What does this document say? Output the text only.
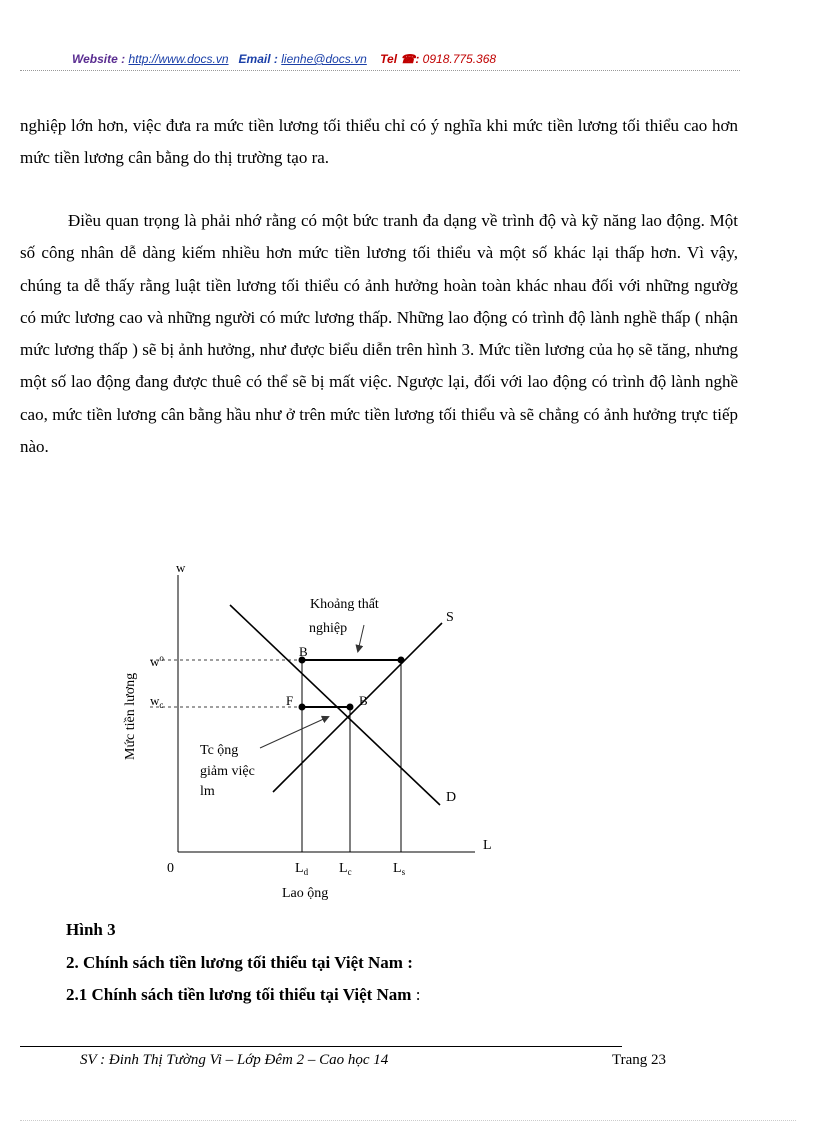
Website : http://www.docs.vn Email : lienhe@docs.vn Tel ☎: 0918.775.368
nghiệp lớn hơn, việc đưa ra mức tiền lương tối thiểu chỉ có ý nghĩa khi mức tiền lương tối thiểu cao hơn mức tiền lương cân bằng do thị trường tạo ra.
Điều quan trọng là phải nhớ rằng có một bức tranh đa dạng về trình độ và kỹ năng lao động. Một số công nhân dễ dàng kiếm nhiều hơn mức tiền lương tối thiểu và một số khác lại thấp hơn. Vì vậy, chúng ta dễ thấy rằng luật tiền lương tối thiểu có ảnh hưởng hoàn toàn khác nhau đối với những ngườg có mức lương cao và những người có mức lương thấp. Những lao động có trình độ lành nghề thấp ( nhận mức lương thấp ) sẽ bị ảnh hưởng, như được biểu diễn trên hình 3. Mức tiền lương của họ sẽ tăng, nhưng một số lao động đang được thuê có thể sẽ bị mất việc. Ngược lại, đối với lao động có trình độ lành nghề cao, mức tiền lương cân bằng hầu như ở trên mức tiền lương tối thiểu và sẽ chẳng có ảnh hưởng trực tiếp nào.
w
L
0
Mức tiền lương
Lao ộng
$w^o$
$w_c$
$L_d$ $L_c$	$L_s$
S
D
B
F	B
Khoảng thất
nghiệp
Tc ộng
giảm việc
lm
Hình 3
2. Chính sách tiền lương tối thiểu tại Việt Nam :
2.1 Chính sách tiền lương tối thiểu tại Việt Nam :
SV : Đinh Thị Tường Vi – Lớp Đêm 2 – Cao học 14	Trang 23
